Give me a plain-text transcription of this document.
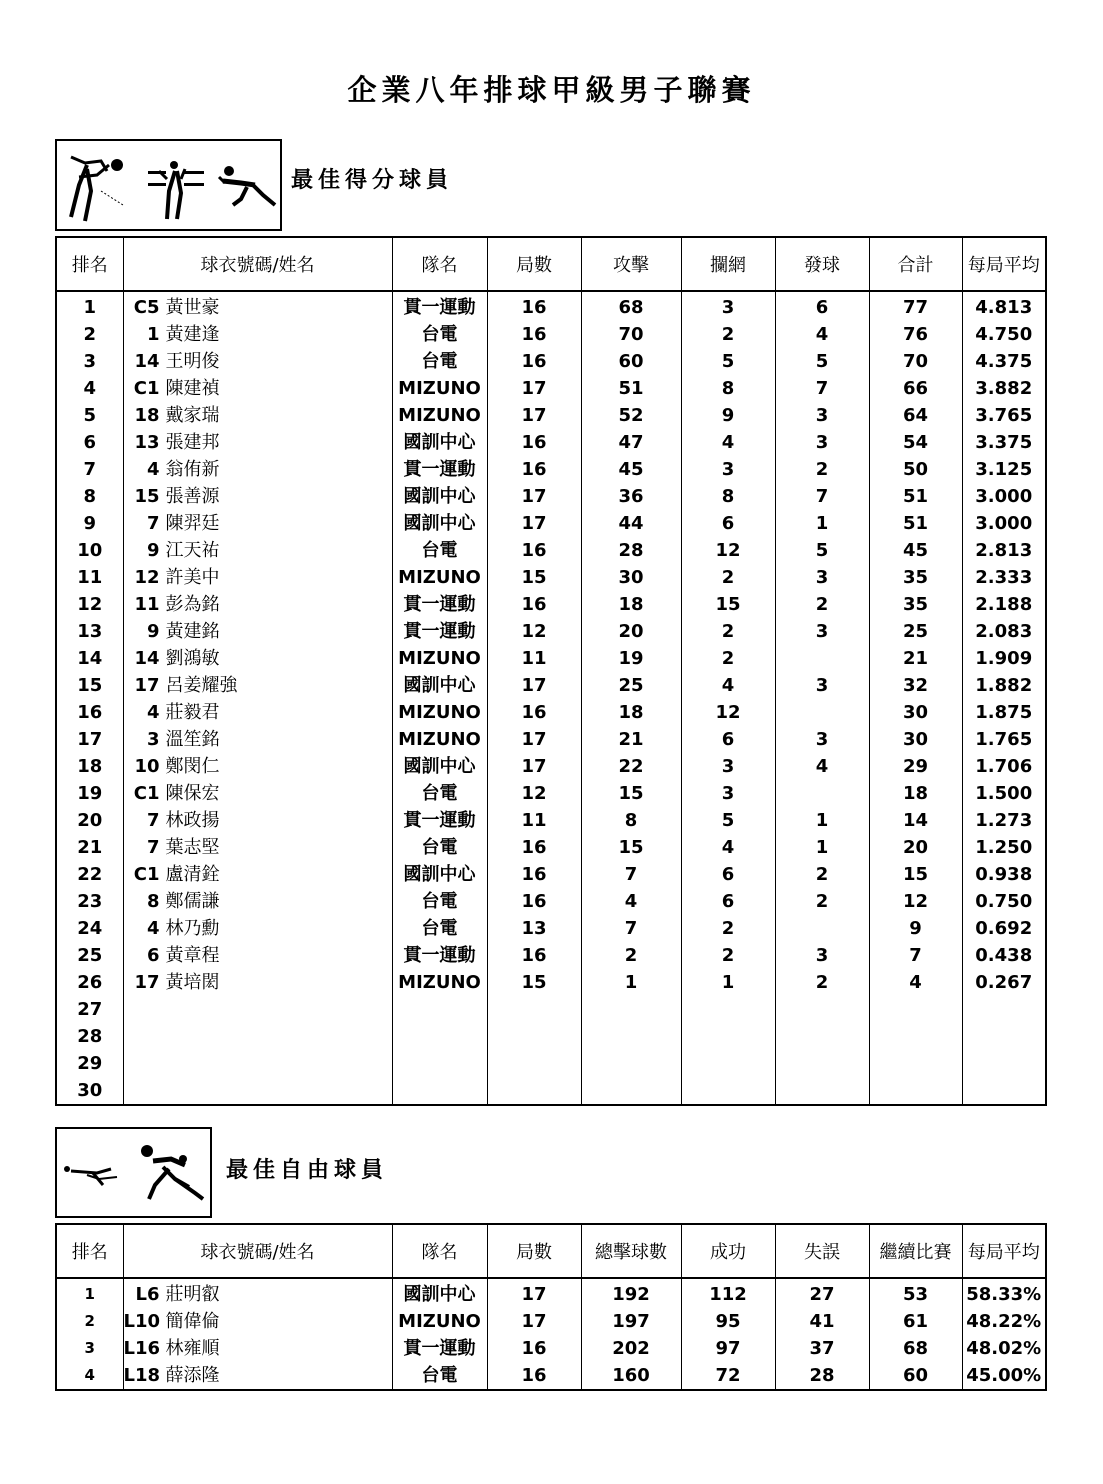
企業八年排球甲級男子聯賽
最佳得分球員
排名	球衣號碼/姓名	隊名	局數	攻擊	攔網	發球	合計	每局平均
1	C5 黃世豪	貫一運動	16	68	3	6	77	4.813
2	1 黃建逢	台電	16	70	2	4	76	4.750
3	14 王明俊	台電	16	60	5	5	70	4.375
4	C1 陳建禎	MIZUNO	17	51	8	7	66	3.882
5	18 戴家瑞	MIZUNO	17	52	9	3	64	3.765
6	13 張建邦	國訓中心	16	47	4	3	54	3.375
7	4 翁侑新	貫一運動	16	45	3	2	50	3.125
8	15 張善源	國訓中心	17	36	8	7	51	3.000
9	7 陳羿廷	國訓中心	17	44	6	1	51	3.000
10	9 江天祐	台電	16	28	12	5	45	2.813
11	12 許美中	MIZUNO	15	30	2	3	35	2.333
12	11 彭為銘	貫一運動	16	18	15	2	35	2.188
13	9 黃建銘	貫一運動	12	20	2	3	25	2.083
14	14 劉鴻敏	MIZUNO	11	19	2		21	1.909
15	17 呂姜耀強	國訓中心	17	25	4	3	32	1.882
16	4 莊毅君	MIZUNO	16	18	12		30	1.875
17	3 溫笙銘	MIZUNO	17	21	6	3	30	1.765
18	10 鄭閔仁	國訓中心	17	22	3	4	29	1.706
19	C1 陳保宏	台電	12	15	3		18	1.500
20	7 林政揚	貫一運動	11	8	5	1	14	1.273
21	7 葉志堅	台電	16	15	4	1	20	1.250
22	C1 盧清銓	國訓中心	16	7	6	2	15	0.938
23	8 鄭儒謙	台電	16	4	6	2	12	0.750
24	4 林乃勳	台電	13	7	2		9	0.692
25	6 黃章程	貫一運動	16	2	2	3	7	0.438
26	17 黃培閎	MIZUNO	15	1	1	2	4	0.267
27								
28								
29								
30								
最佳自由球員
排名	球衣號碼/姓名	隊名	局數	總擊球數	成功	失誤	繼續比賽	每局平均
1	L6 莊明叡	國訓中心	17	192	112	27	53	58.33%
2	L10 簡偉倫	MIZUNO	17	197	95	41	61	48.22%
3	L16 林雍順	貫一運動	16	202	97	37	68	48.02%
4	L18 薛添隆	台電	16	160	72	28	60	45.00%
